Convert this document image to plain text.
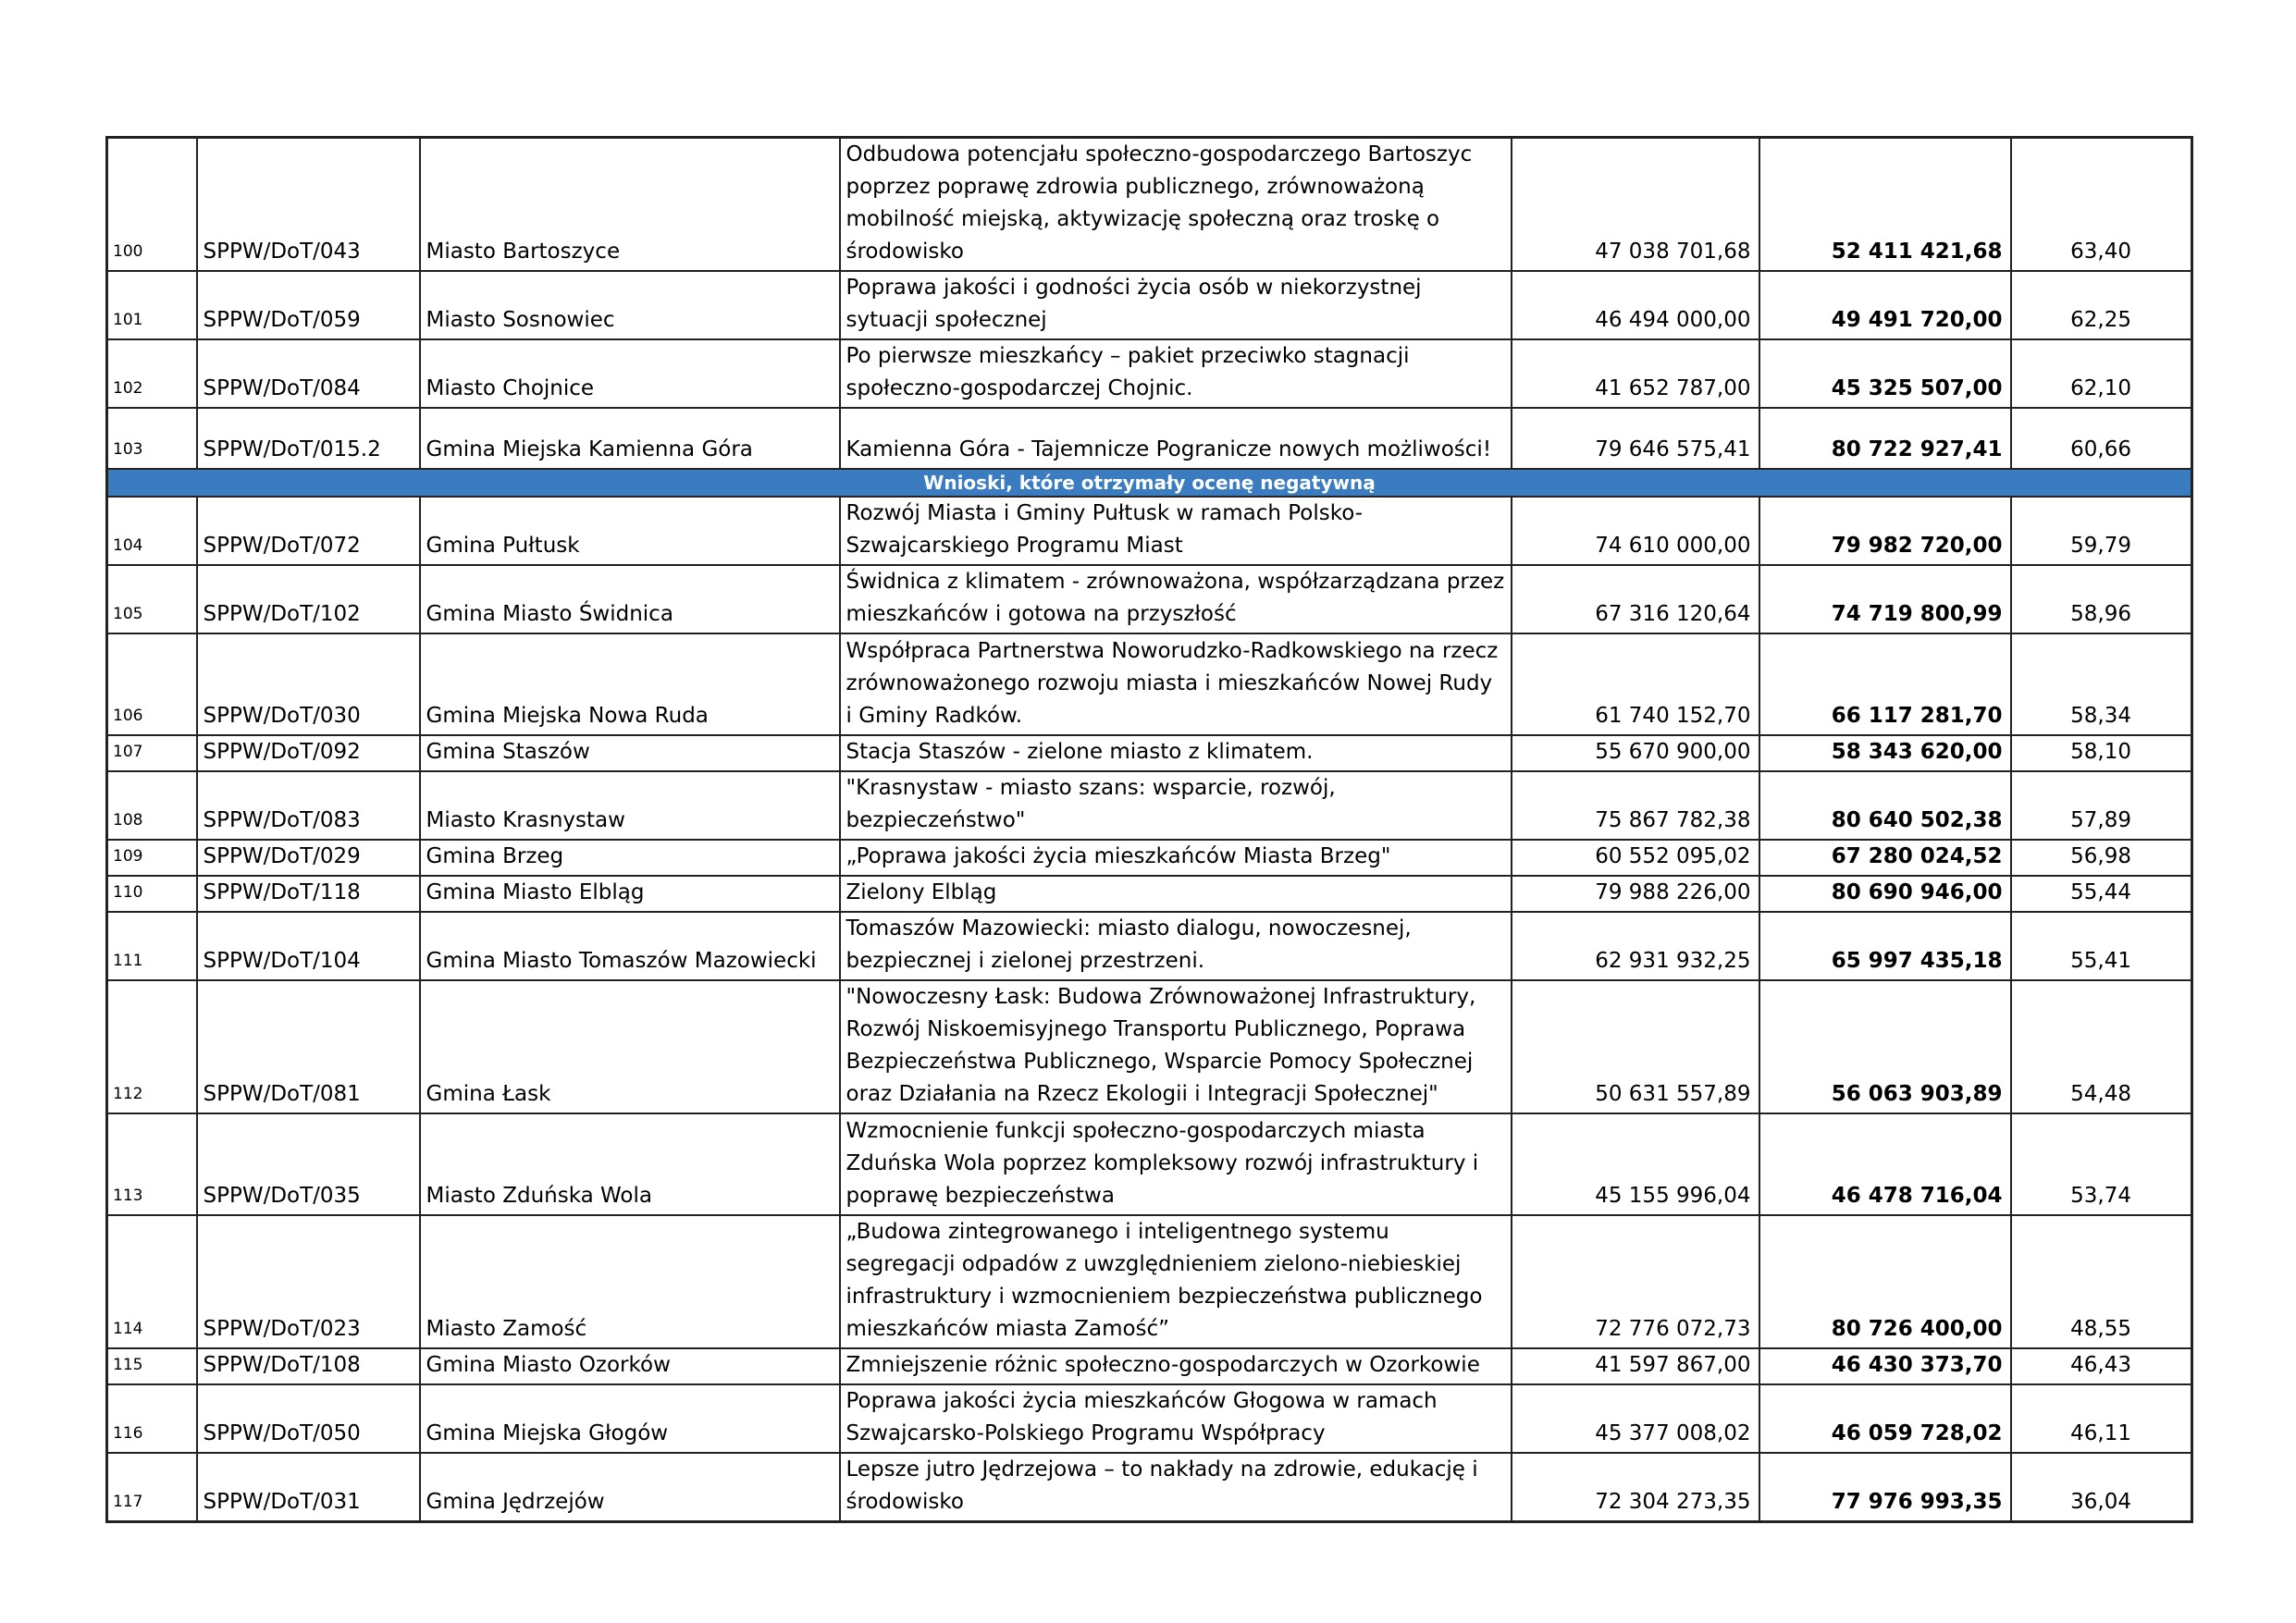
100	SPPW/DoT/043	Miasto Bartoszyce	Odbudowa potencjału społeczno-gospodarczego Bartoszyc poprzez poprawę zdrowia publicznego, zrównoważoną mobilność miejską, aktywizację społeczną oraz troskę o środowisko	47 038 701,68	52 411 421,68	63,40
101	SPPW/DoT/059	Miasto Sosnowiec	Poprawa jakości i godności życia osób w niekorzystnej sytuacji społecznej	46 494 000,00	49 491 720,00	62,25
102	SPPW/DoT/084	Miasto Chojnice	Po pierwsze mieszkańcy – pakiet przeciwko stagnacji społeczno-gospodarczej Chojnic.	41 652 787,00	45 325 507,00	62,10
103	SPPW/DoT/015.2	Gmina Miejska Kamienna Góra	Kamienna Góra - Tajemnicze Pogranicze nowych możliwości!	79 646 575,41	80 722 927,41	60,66
Wnioski, które otrzymały ocenę negatywną						
104	SPPW/DoT/072	Gmina Pułtusk	Rozwój Miasta i Gminy Pułtusk w ramach Polsko-Szwajcarskiego Programu Miast	74 610 000,00	79 982 720,00	59,79
105	SPPW/DoT/102	Gmina Miasto Świdnica	Świdnica z klimatem - zrównoważona, współzarządzana przez mieszkańców i gotowa na przyszłość	67 316 120,64	74 719 800,99	58,96
106	SPPW/DoT/030	Gmina Miejska Nowa Ruda	Współpraca Partnerstwa Noworudzko-Radkowskiego na rzecz zrównoważonego rozwoju miasta i mieszkańców Nowej Rudy i Gminy Radków.	61 740 152,70	66 117 281,70	58,34
107	SPPW/DoT/092	Gmina Staszów	Stacja Staszów - zielone miasto z klimatem.	55 670 900,00	58 343 620,00	58,10
108	SPPW/DoT/083	Miasto Krasnystaw	"Krasnystaw - miasto szans: wsparcie, rozwój, bezpieczeństwo"	75 867 782,38	80 640 502,38	57,89
109	SPPW/DoT/029	Gmina Brzeg	„Poprawa jakości życia mieszkańców Miasta Brzeg"	60 552 095,02	67 280 024,52	56,98
110	SPPW/DoT/118	Gmina Miasto Elbląg	Zielony Elbląg	79 988 226,00	80 690 946,00	55,44
111	SPPW/DoT/104	Gmina Miasto Tomaszów Mazowiecki	Tomaszów Mazowiecki: miasto dialogu, nowoczesnej, bezpiecznej i zielonej przestrzeni.	62 931 932,25	65 997 435,18	55,41
112	SPPW/DoT/081	Gmina Łask	"Nowoczesny Łask: Budowa Zrównoważonej Infrastruktury, Rozwój Niskoemisyjnego Transportu Publicznego, Poprawa Bezpieczeństwa Publicznego, Wsparcie Pomocy Społecznej oraz Działania na Rzecz Ekologii i Integracji Społecznej"	50 631 557,89	56 063 903,89	54,48
113	SPPW/DoT/035	Miasto Zduńska Wola	Wzmocnienie funkcji społeczno-gospodarczych miasta Zduńska Wola poprzez kompleksowy rozwój infrastruktury i poprawę bezpieczeństwa	45 155 996,04	46 478 716,04	53,74
114	SPPW/DoT/023	Miasto Zamość	„Budowa zintegrowanego i inteligentnego systemu segregacji odpadów z uwzględnieniem zielono-niebieskiej infrastruktury i wzmocnieniem bezpieczeństwa publicznego mieszkańców miasta Zamość”	72 776 072,73	80 726 400,00	48,55
115	SPPW/DoT/108	Gmina Miasto Ozorków	Zmniejszenie różnic społeczno-gospodarczych w Ozorkowie	41 597 867,00	46 430 373,70	46,43
116	SPPW/DoT/050	Gmina Miejska Głogów	Poprawa jakości życia mieszkańców Głogowa w ramach Szwajcarsko-Polskiego Programu Współpracy	45 377 008,02	46 059 728,02	46,11
117	SPPW/DoT/031	Gmina Jędrzejów	Lepsze jutro Jędrzejowa – to nakłady na zdrowie, edukację i środowisko	72 304 273,35	77 976 993,35	36,04
